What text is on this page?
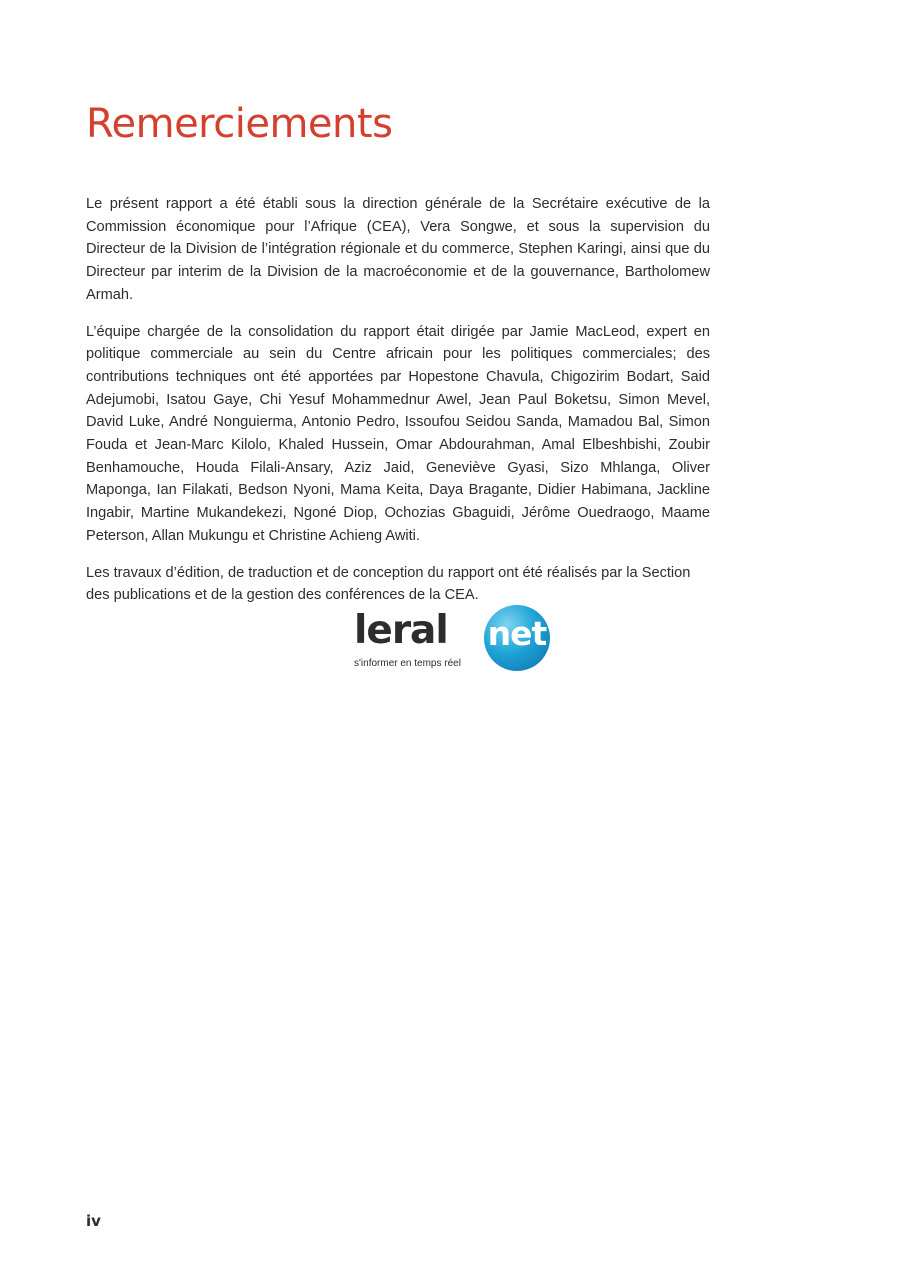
Remerciements

Le présent rapport a été établi sous la direction générale de la Secrétaire exécutive de la Commission économique pour l’Afrique (CEA), Vera Songwe, et sous la supervision du Directeur de la Division de l’intégration régionale et du commerce, Stephen Karingi, ainsi que du Directeur par interim de la Division de la macroéconomie et de la gouvernance, Bartholomew Armah.

L’équipe chargée de la consolidation du rapport était dirigée par Jamie MacLeod, expert en politique commerciale au sein du Centre africain pour les politiques commerciales; des contributions techniques ont été apportées par Hopestone Chavula, Chigozirim Bodart, Said Adejumobi, Isatou Gaye, Chi Yesuf Mohammednur Awel, Jean Paul Boketsu, Simon Mevel, David Luke, André Nonguierma, Antonio Pedro, Issoufou Seidou Sanda, Mamadou Bal, Simon Fouda et Jean-Marc Kilolo, Khaled Hussein, Omar Abdourahman, Amal Elbeshbishi, Zoubir Benhamouche, Houda Filali-Ansary, Aziz Jaid, Geneviève Gyasi, Sizo Mhlanga, Oliver Maponga, Ian Filakati, Bedson Nyoni, Mama Keita, Daya Bragante, Didier Habimana, Jackline Ingabir, Martine Mukandekezi, Ngoné Diop, Ochozias Gbaguidi, Jérôme Ouedraogo, Maame Peterson, Allan Mukungu et Christine Achieng Awiti.

Les travaux d’édition, de traduction et de conception du rapport ont été réalisés par la Section des publications et de la gestion des conférences de la CEA.

leral net
s'informer en temps réel
iv
